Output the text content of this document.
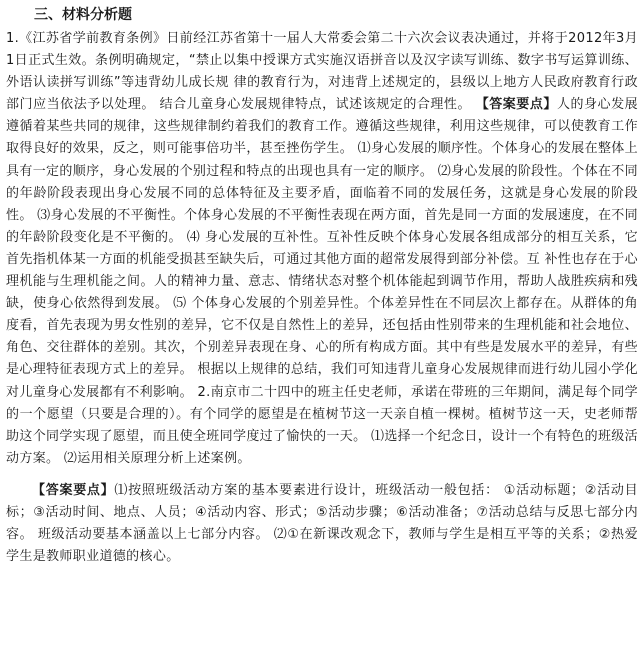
三、材料分析题

1.《江苏省学前教育条例》日前经江苏省第十一届人大常委会第二十六次会议表决通过，并将于2012年3月1日正式生效。条例明确规定，“禁止以集中授课方式实施汉语拼音以及汉字读写训练、数字书写运算训练、外语认读拼写训练”等违背幼儿成长规 律的教育行为，对违背上述规定的，县级以上地方人民政府教育行政部门应当依法予以处理。 结合儿童身心发展规律特点，试述该规定的合理性。 【答案要点】人的身心发展遵循着某些共同的规律，这些规律制约着我们的教育工作。遵循这些规律，利用这些规律，可以使教育工作取得良好的效果，反之，则可能事倍功半，甚至挫伤学生。 ⑴身心发展的顺序性。个体身心的发展在整体上具有一定的顺序，身心发展的个别过程和特点的出现也具有一定的顺序。 ⑵身心发展的阶段性。个体在不同的年龄阶段表现出身心发展不同的总体特征及主要矛盾，面临着不同的发展任务，这就是身心发展的阶段性。 ⑶身心发展的不平衡性。个体身心发展的不平衡性表现在两方面，首先是同一方面的发展速度，在不同的年龄阶段变化是不平衡的。 ⑷ 身心发展的互补性。互补性反映个体身心发展各组成部分的相互关系，它首先指机体某一方面的机能受损甚至缺失后，可通过其他方面的超常发展得到部分补偿。互 补性也存在于心理机能与生理机能之间。人的精神力量、意志、情绪状态对整个机体能起到调节作用，帮助人战胜疾病和残缺，使身心依然得到发展。 ⑸ 个体身心发展的个别差异性。个体差异性在不同层次上都存在。从群体的角度看，首先表现为男女性别的差异，它不仅是自然性上的差异，还包括由性别带来的生理机能和社会地位、角色、交往群体的差别。其次，个别差异表现在身、心的所有构成方面。其中有些是发展水平的差异，有些是心理特征表现方式上的差异。 根据以上规律的总结，我们可知违背儿童身心发展规律而进行幼儿园小学化对儿童身心发展都有不利影响。 2.南京市二十四中的班主任史老师，承诺在带班的三年期间，满足每个同学的一个愿望（只要是合理的）。有个同学的愿望是在植树节这一天亲自植一棵树。植树节这一天，史老师帮助这个同学实现了愿望，而且使全班同学度过了愉快的一天。 ⑴选择一个纪念日，设计一个有特色的班级活动方案。 ⑵运用相关原理分析上述案例。

【答案要点】⑴按照班级活动方案的基本要素进行设计，班级活动一般包括： ①活动标题；②活动目标；③活动时间、地点、人员；④活动内容、形式；⑤活动步骤；⑥活动准备；⑦活动总结与反思七部分内容。 班级活动要基本涵盖以上七部分内容。 ⑵①在新课改观念下，教师与学生是相互平等的关系；②热爱学生是教师职业道德的核心。
